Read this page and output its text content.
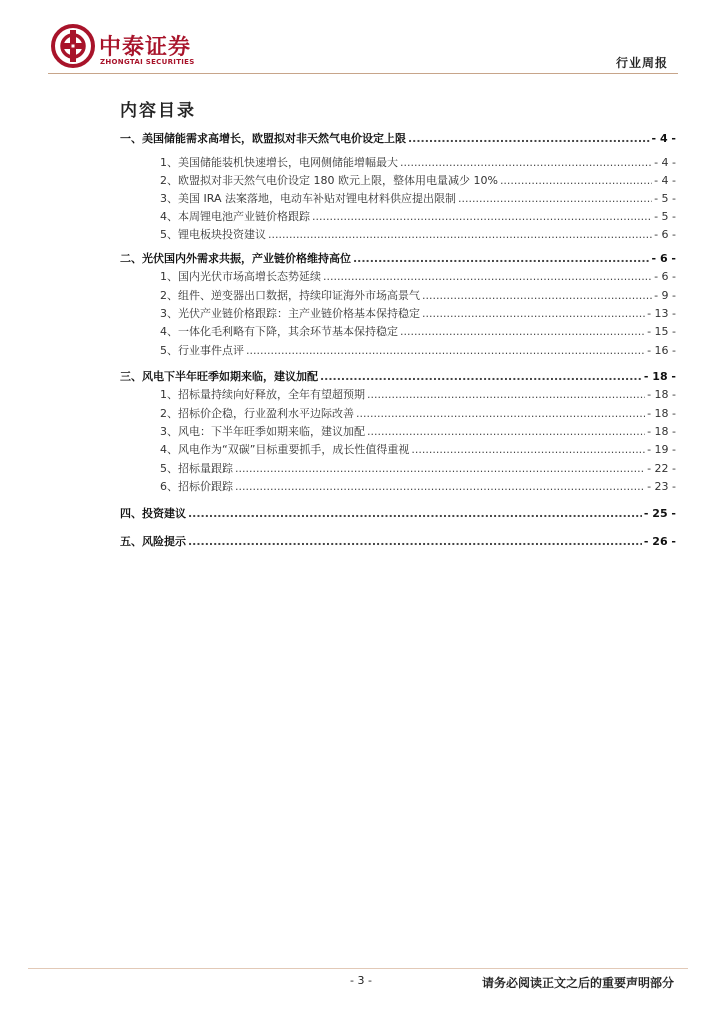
中泰证券
ZHONGTAI SECURITIES	行业周报
内容目录
一、 美国储能需求高增长，欧盟拟对非天然气电价设定上限 .....	- 4 -
1、 美国储能装机快速增长，电网侧储能增幅最大 .....	- 4 -
2、 欧盟拟对非天然气电价设定 180 欧元上限，整体用电量减少 10% .....	- 4 -
3、 美国 IRA 法案落地，电动车补贴对锂电材料供应提出限制 .....	- 5 -
4、 本周锂电池产业链价格跟踪 .....	- 5 -
5、 锂电板块投资建议 .....	- 6 -
二、 光伏国内外需求共振，产业链价格维持高位 .....	- 6 -
1、 国内光伏市场高增长态势延续 .....	- 6 -
2、 组件、逆变器出口数据，持续印证海外市场高景气 .....	- 9 -
3、 光伏产业链价格跟踪：主产业链价格基本保持稳定 .....	- 13 -
4、 一体化毛利略有下降，其余环节基本保持稳定 .....	- 15 -
5、 行业事件点评 .....	- 16 -
三、 风电下半年旺季如期来临，建议加配 .....	- 18 -
1、 招标量持续向好释放，全年有望超预期 .....	- 18 -
2、 招标价企稳，行业盈利水平边际改善 .....	- 18 -
3、 风电：下半年旺季如期来临，建议加配 .....	- 18 -
4、 风电作为“双碳”目标重要抓手，成长性值得重视 .....	- 19 -
5、 招标量跟踪 .....	- 22 -
6、 招标价跟踪 .....	- 23 -
四、 投资建议 .....	- 25 -
五、 风险提示 .....	- 26 -
- 3 -	请务必阅读正文之后的重要声明部分
